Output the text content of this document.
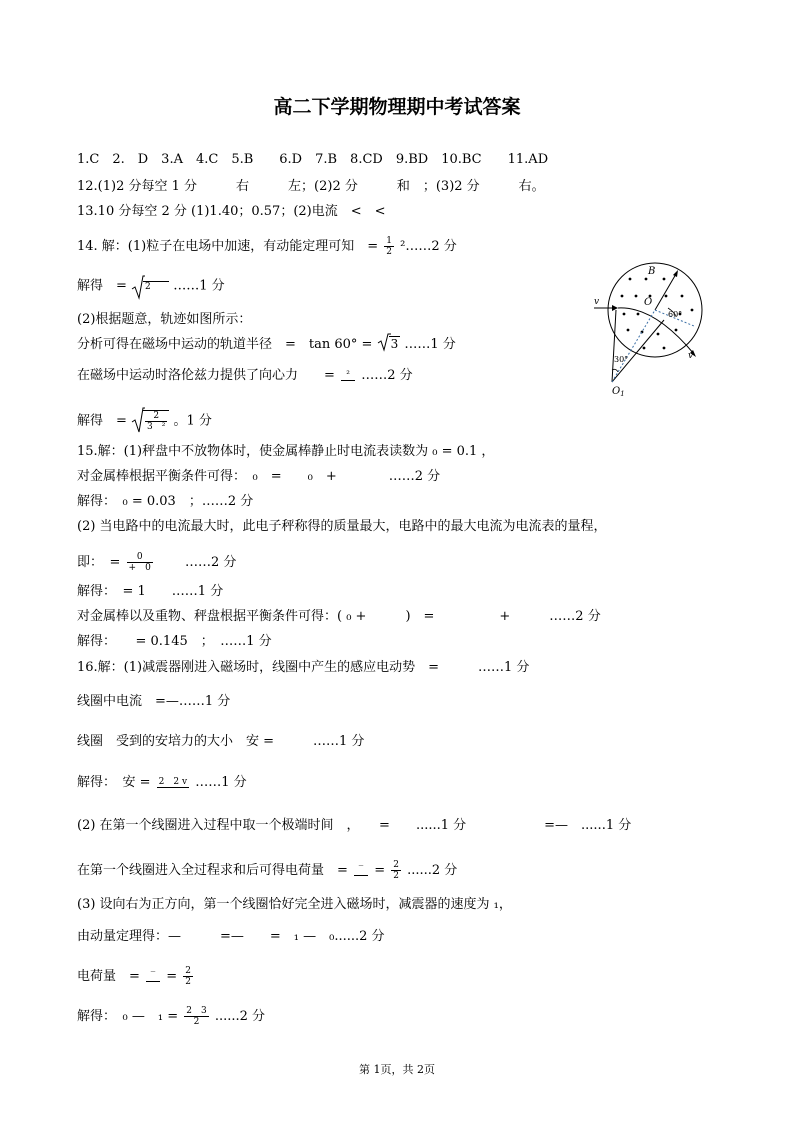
高二下学期物理期中考试答案
1.C　2.　D　3.A　4.C　5.B　　6.D　7.B　8.CD　9.BD　10.BC　　11.AD
12.(1)2 分每空 1 分　　　右　　　左；(2)2 分　　　和　；(3)2 分　　　右。
13.10 分每空 2 分 (1)1.40；0.57；(2)电流　<　<
14. 解：(1)粒子在电场中加速，有动能定理可知　= $\frac{1}{2}$ ²……2 分
解得　= 2 ……1 分
(2)根据题意，轨迹如图所示：
分析可得在磁场中运动的轨道半径　=　tan 60° = 3 ……1 分
在磁场中运动时洛伦兹力提供了向心力　　=	² ……2 分
解得　= $\frac{2}{\text{3　²}}$ 。1 分
15.解：(1)秤盘中不放物体时，使金属棒静止时电流表读数为 ₀ = 0.1 ，
对金属棒根据平衡条件可得：　₀　=　　₀　+　　　　……2 分
解得：　₀ = 0.03　；……2 分
(2) 当电路中的电流最大时，此电子秤称得的质量最大，电路中的最大电流为电流表的量程，
即：　= $\frac{0}{+ 0}$ 　　……2 分
解得：　= 1　　……1 分
对金属棒以及重物、秤盘根据平衡条件可得：( ₀ +　　　)　=　　　　　+　　　……2 分
解得：　　= 0.145　；　……1 分
16.解：(1)减震器刚进入磁场时，线圈中产生的感应电动势　=　　　……1 分
线圈中电流　=—……1 分
线圈　受到的安培力的大小　安 =　　　……1 分
解得：　安 = 2　2 v ……1 分
(2) 在第一个线圈进入过程中取一个极端时间　，　　=　　......1 分　　　　　　=—　......1 分
在第一个线圈进入全过程求和后可得电荷量　=	‾ = $\frac{2}{2} ......2$ 分
(3) 设向右为正方向，第一个线圈恰好完全进入磁场时，减震器的速度为 ₁，
由动量定理得：—　　　=—　　=　₁ —　₀......2 分
电荷量　=	‾ = $\frac{2}{2}$
解得：　₀ —　$_1 = \frac{2 3}{2} ......2$ 分
v
v
B
O
60°
30°
$O_1$
第 1页，共 2页
